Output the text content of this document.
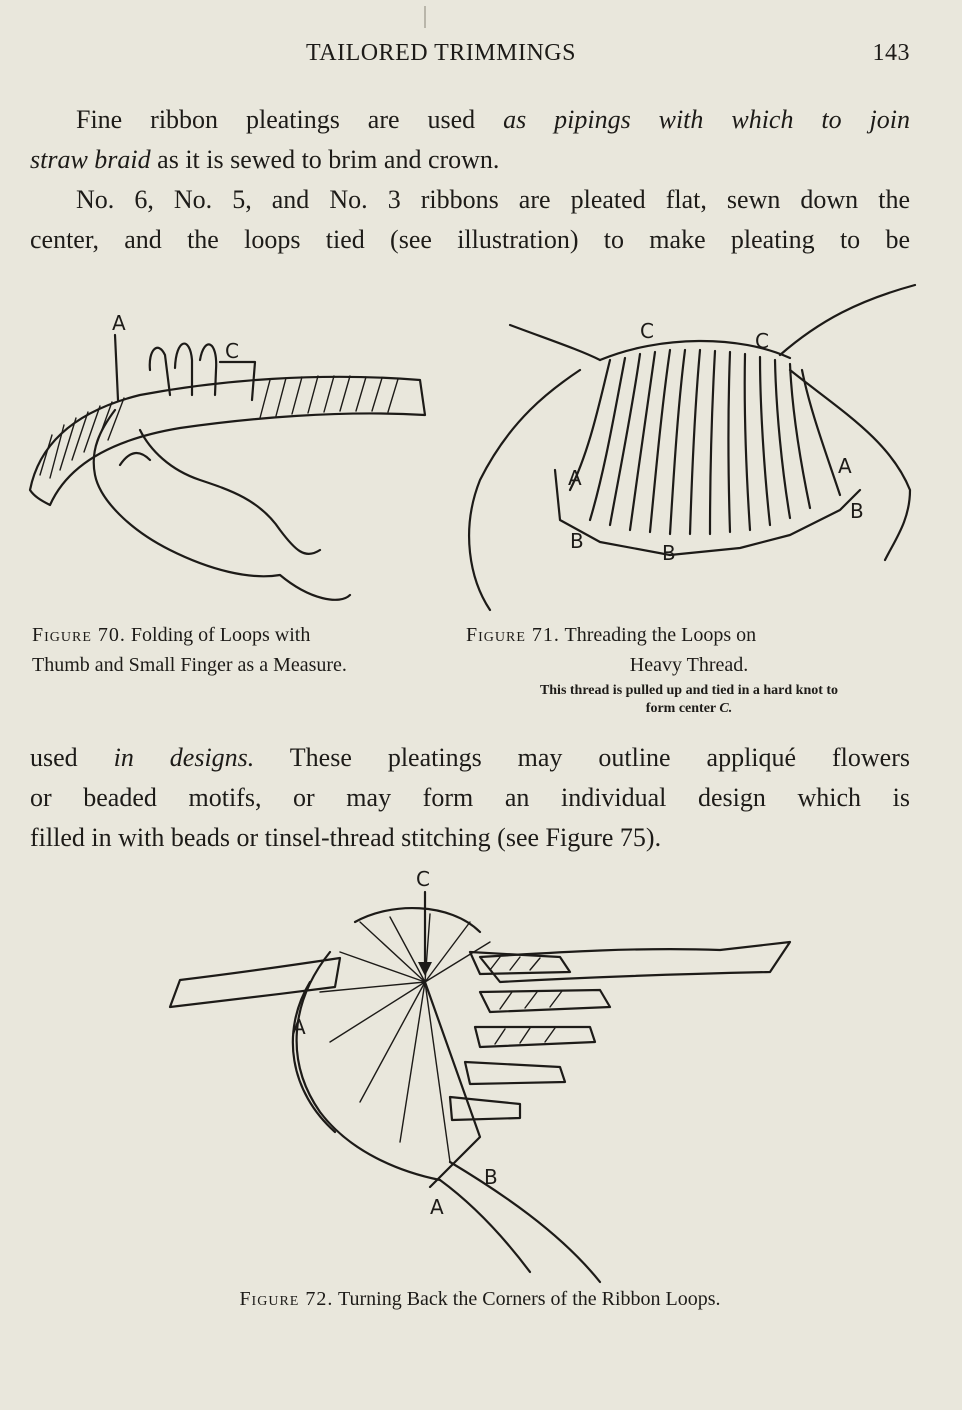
TAILORED TRIMMINGS	143
Fine ribbon pleatings are used as pipings with which to join
straw braid as it is sewed to brim and crown.
No. 6, No. 5, and No. 3 ribbons are pleated flat, sewn down the
center, and the loops tied (see illustration) to make pleating to be
A
C
C	C
A	A
B	B
B
Figure 70. Folding of Loops with
Thumb and Small Finger as a Measure.
Figure 71. Threading the Loops on
Heavy Thread.
This thread is pulled up and tied in a hard knot to
form center C.
used in designs. These pleatings may outline appliqué flowers
or beaded motifs, or may form an individual design which is
filled in with beads or tinsel-thread stitching (see Figure 75).
C
A
A
B
Figure 72. Turning Back the Corners of the Ribbon Loops.
